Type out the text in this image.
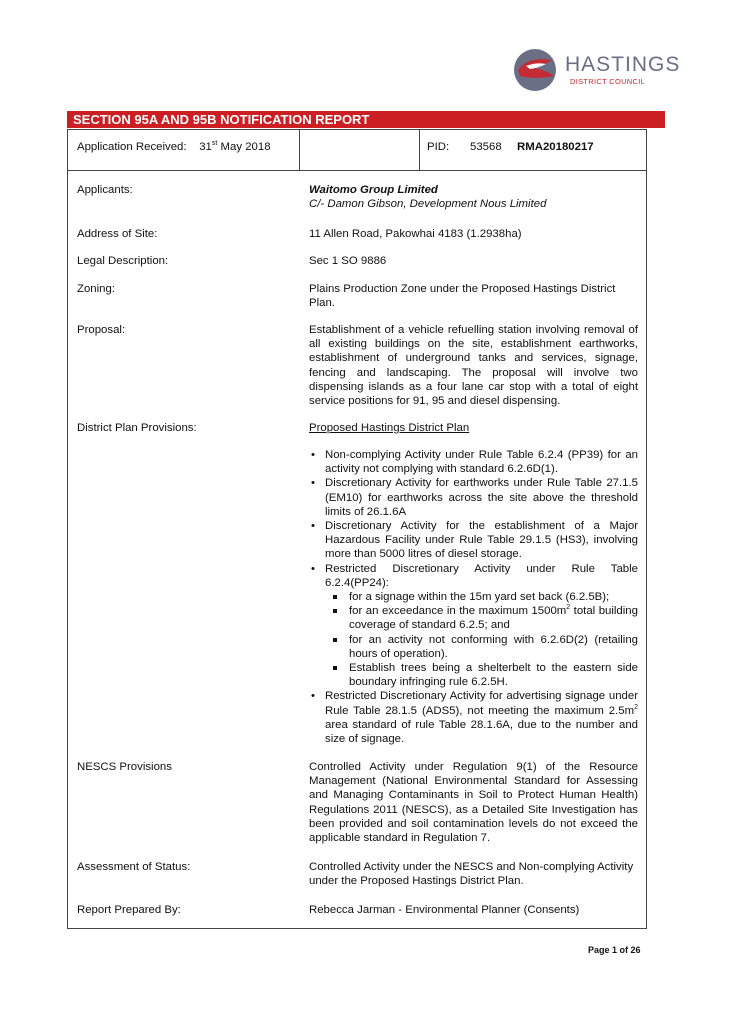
HASTINGS
DISTRICT COUNCIL
SECTION 95A AND 95B NOTIFICATION REPORT
Application Received: 31st May 2018	PID: 53568 RMA20180217
Applicants:	Waitomo Group Limited
C/- Damon Gibson, Development Nous Limited
Address of Site:	11 Allen Road, Pakowhai 4183 (1.2938ha)
Legal Description:	Sec 1 SO 9886
Zoning:	Plains Production Zone under the Proposed Hastings District Plan.
Proposal:	Establishment of a vehicle refuelling station involving removal of all existing buildings on the site, establishment earthworks, establishment of underground tanks and services, signage, fencing and landscaping. The proposal will involve two dispensing islands as a four lane car stop with a total of eight service positions for 91, 95 and diesel dispensing.
District Plan Provisions:	Proposed Hastings District Plan
• Non-complying Activity under Rule Table 6.2.4 (PP39) for an activity not complying with standard 6.2.6D(1).
• Discretionary Activity for earthworks under Rule Table 27.1.5 (EM10) for earthworks across the site above the threshold limits of 26.1.6A
• Discretionary Activity for the establishment of a Major Hazardous Facility under Rule Table 29.1.5 (HS3), involving more than 5000 litres of diesel storage.
• Restricted Discretionary Activity under Rule Table 6.2.4(PP24):
for a signage within the 15m yard set back (6.2.5B);
for an exceedance in the maximum $1500m^2$ total building coverage of standard 6.2.5; and
for an activity not conforming with 6.2.6D(2) (retailing hours of operation).
Establish trees being a shelterbelt to the eastern side boundary infringing rule 6.2.5H.
• Restricted Discretionary Activity for advertising signage under Rule Table 28.1.5 (ADS5), not meeting the maximum $2.5m^2$ area standard of rule Table 28.1.6A, due to the number and size of signage.
NESCS Provisions	Controlled Activity under Regulation 9(1) of the Resource Management (National Environmental Standard for Assessing and Managing Contaminants in Soil to Protect Human Health) Regulations 2011 (NESCS), as a Detailed Site Investigation has been provided and soil contamination levels do not exceed the applicable standard in Regulation 7.
Assessment of Status:	Controlled Activity under the NESCS and Non-complying Activity under the Proposed Hastings District Plan.
Report Prepared By:	Rebecca Jarman - Environmental Planner (Consents)
Page 1 of 26
